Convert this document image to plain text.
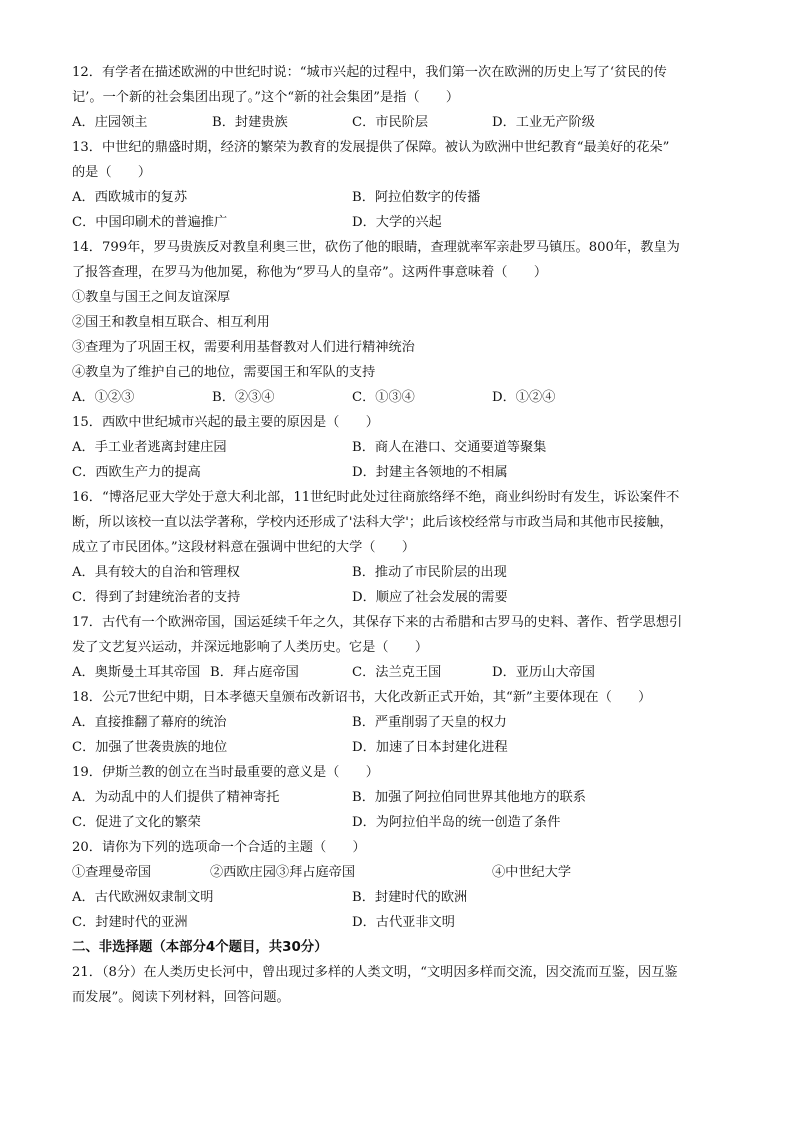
12．有学者在描述欧洲的中世纪时说：“城市兴起的过程中，我们第一次在欧洲的历史上写了‘贫民的传
记’。一个新的社会集团出现了。”这个“新的社会集团”是指（　　）
A．庄园领主	B．封建贵族	C．市民阶层	D．工业无产阶级
13．中世纪的鼎盛时期，经济的繁荣为教育的发展提供了保障。被认为欧洲中世纪教育“最美好的花朵”
的是（　　）
A．西欧城市的复苏	B．阿拉伯数字的传播
C．中国印刷术的普遍推广	D．大学的兴起
14．799年，罗马贵族反对教皇利奥三世，砍伤了他的眼睛，查理就率军亲赴罗马镇压。800年，教皇为
了报答查理，在罗马为他加冕，称他为“罗马人的皇帝”。这两件事意味着（　　）
①教皇与国王之间友谊深厚
②国王和教皇相互联合、相互利用
③查理为了巩固王权，需要利用基督教对人们进行精神统治
④教皇为了维护自己的地位，需要国王和军队的支持
A．①②③	B．②③④	C．①③④	D．①②④
15．西欧中世纪城市兴起的最主要的原因是（　　）
A．手工业者逃离封建庄园	B．商人在港口、交通要道等聚集
C．西欧生产力的提高	D．封建主各领地的不相属
16．“博洛尼亚大学处于意大利北部，11世纪时此处过往商旅络绎不绝，商业纠纷时有发生，诉讼案件不
断，所以该校一直以法学著称，学校内还形成了'法科大学'；此后该校经常与市政当局和其他市民接触，
成立了市民团体。”这段材料意在强调中世纪的大学（　　）
A．具有较大的自治和管理权	B．推动了市民阶层的出现
C．得到了封建统治者的支持	D．顺应了社会发展的需要
17．古代有一个欧洲帝国，国运延续千年之久，其保存下来的古希腊和古罗马的史料、著作、哲学思想引
发了文艺复兴运动，并深远地影响了人类历史。它是（　　）
A．奥斯曼土耳其帝国 B．拜占庭帝国	C．法兰克王国	D．亚历山大帝国
18．公元7世纪中期，日本孝德天皇颁布改新诏书，大化改新正式开始，其“新”主要体现在（　　）
A．直接推翻了幕府的统治	B．严重削弱了天皇的权力
C．加强了世袭贵族的地位	D．加速了日本封建化进程
19．伊斯兰教的创立在当时最重要的意义是（　　）
A．为动乱中的人们提供了精神寄托	B．加强了阿拉伯同世界其他地方的联系
C．促进了文化的繁荣	D．为阿拉伯半岛的统一创造了条件
20．请你为下列的选项命一个合适的主题（　　）
①查理曼帝国	②西欧庄园③拜占庭帝国	④中世纪大学
A．古代欧洲奴隶制文明	B．封建时代的欧洲
C．封建时代的亚洲	D．古代亚非文明
二、非选择题（本部分4个题目，共30分）
21．（8分）在人类历史长河中，曾出现过多样的人类文明，“文明因多样而交流，因交流而互鉴，因互鉴
而发展”。阅读下列材料，回答问题。
